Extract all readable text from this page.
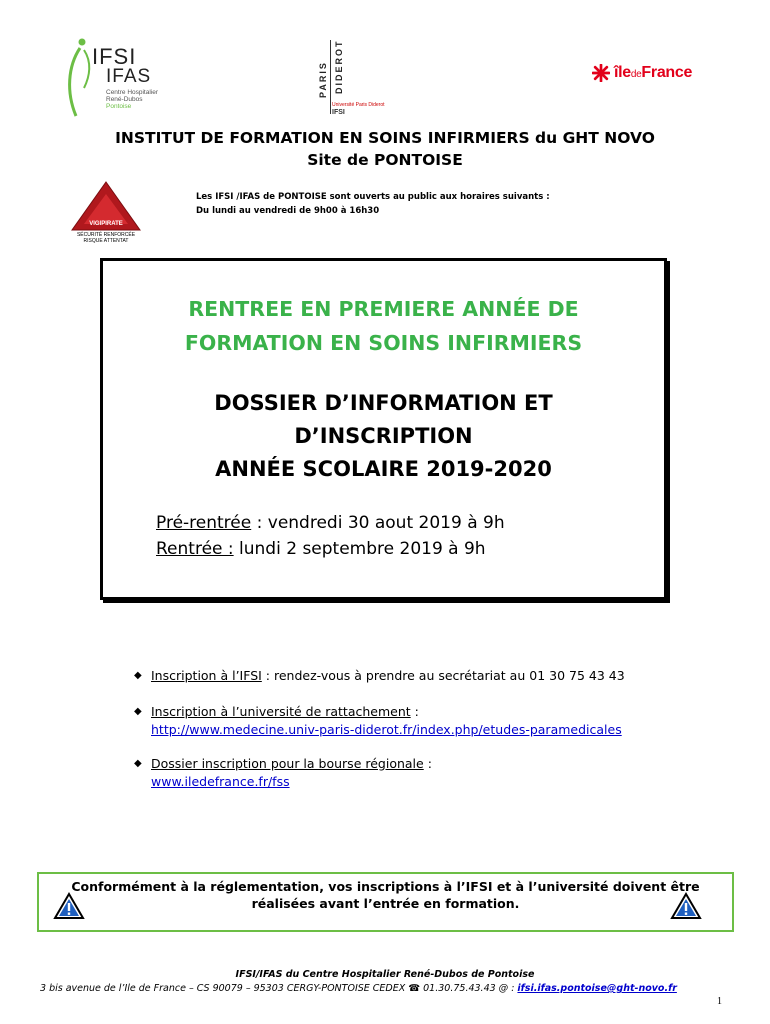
IFSI
IFAS
Centre Hospitalier
René-Dubos
Pontoise
PARIS DIDEROT
Université Paris Diderot
IFSI
îledeFrance
INSTITUT DE FORMATION EN SOINS INFIRMIERS du GHT NOVO
Site de PONTOISE
VIGIPIRATE
SÉCURITÉ RENFORCÉE
RISQUE ATTENTAT
Les IFSI /IFAS de PONTOISE sont ouverts au public aux horaires suivants :
Du lundi au vendredi de 9h00 à 16h30
RENTREE EN PREMIERE ANNÉE DE
FORMATION EN SOINS INFIRMIERS
DOSSIER D’INFORMATION ET
D’INSCRIPTION
ANNÉE SCOLAIRE 2019-2020
Pré-rentrée : vendredi 30 aout 2019 à 9h
Rentrée : lundi 2 septembre 2019 à 9h
◆ Inscription à l’IFSI : rendez-vous à prendre au secrétariat au 01 30 75 43 43
◆ Inscription à l’université de rattachement :
http://www.medecine.univ-paris-diderot.fr/index.php/etudes-paramedicales
◆ Dossier inscription pour la bourse régionale :
www.iledefrance.fr/fss
Conformément à la réglementation, vos inscriptions à l’IFSI et à l’université doivent être
réalisées avant l’entrée en formation.
IFSI/IFAS du Centre Hospitalier René-Dubos de Pontoise
3 bis avenue de l’Ile de France – CS 90079 – 95303 CERGY-PONTOISE CEDEX ☎ 01.30.75.43.43 @ : ifsi.ifas.pontoise@ght-novo.fr
1
